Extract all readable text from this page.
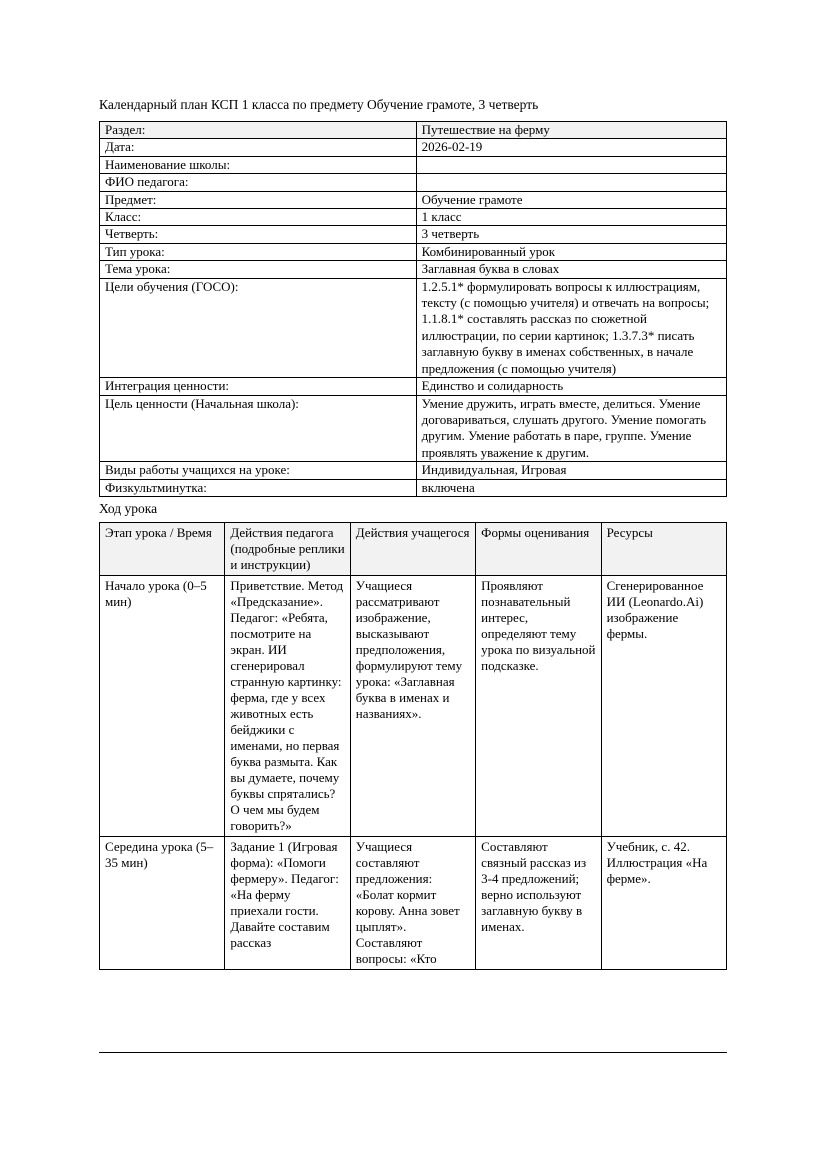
Календарный план КСП 1 класса по предмету Обучение грамоте, 3 четверть
Раздел:	Путешествие на ферму
Дата:	2026-02-19
Наименование школы:	
ФИО педагога:	
Предмет:	Обучение грамоте
Класс:	1 класс
Четверть:	3 четверть
Тип урока:	Комбинированный урок
Тема урока:	Заглавная буква в словах
Цели обучения (ГОСО):	1.2.5.1* формулировать вопросы к иллюстрациям, тексту (с помощью учителя) и отвечать на вопросы; 1.1.8.1* составлять рассказ по сюжетной иллюстрации, по серии картинок; 1.3.7.3* писать заглавную букву в именах собственных, в начале предложения (с помощью учителя)
Интеграция ценности:	Единство и солидарность
Цель ценности (Начальная школа):	Умение дружить, играть вместе, делиться. Умение договариваться, слушать другого. Умение помогать другим. Умение работать в паре, группе. Умение проявлять уважение к другим.
Виды работы учащихся на уроке:	Индивидуальная, Игровая
Физкультминутка:	включена
Ход урока
Этап урока / Время	Действия педагога (подробные реплики и инструкции)	Действия учащегося	Формы оценивания	Ресурсы
Начало урока (0–5 мин)	Приветствие. Метод «Предсказание». Педагог: «Ребята, посмотрите на экран. ИИ сгенерировал странную картинку: ферма, где у всех животных есть бейджики с именами, но первая буква размыта. Как вы думаете, почему буквы спрятались? О чем мы будем говорить?»	Учащиеся рассматривают изображение, высказывают предположения, формулируют тему урока: «Заглавная буква в именах и названиях».	Проявляют познавательный интерес, определяют тему урока по визуальной подсказке.	Сгенерированное ИИ (Leonardo.Ai) изображение фермы.
Середина урока (5–35 мин)	Задание 1 (Игровая форма): «Помоги фермеру». Педагог: «На ферму приехали гости. Давайте составим рассказ	Учащиеся составляют предложения: «Болат кормит корову. Анна зовет цыплят». Составляют вопросы: «Кто	Составляют связный рассказ из 3-4 предложений; верно используют заглавную букву в именах.	Учебник, с. 42. Иллюстрация «На ферме».
